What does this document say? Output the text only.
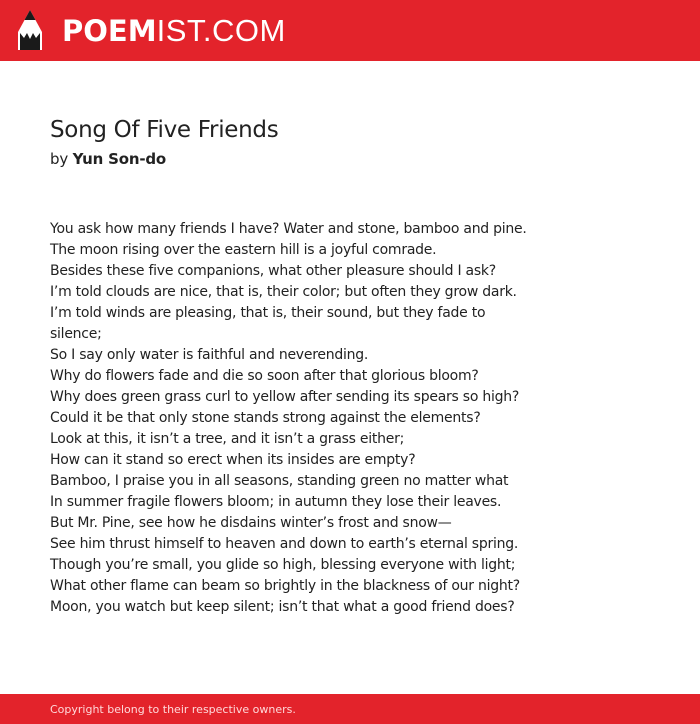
POEMIST.COM
Song Of Five Friends
by Yun Son-do
You ask how many friends I have? Water and stone, bamboo and pine.
The moon rising over the eastern hill is a joyful comrade.
Besides these five companions, what other pleasure should I ask?
I’m told clouds are nice, that is, their color; but often they grow dark.
I’m told winds are pleasing, that is, their sound, but they fade to
silence;
So I say only water is faithful and neverending.
Why do flowers fade and die so soon after that glorious bloom?
Why does green grass curl to yellow after sending its spears so high?
Could it be that only stone stands strong against the elements?
Look at this, it isn’t a tree, and it isn’t a grass either;
How can it stand so erect when its insides are empty?
Bamboo, I praise you in all seasons, standing green no matter what
In summer fragile flowers bloom; in autumn they lose their leaves.
But Mr. Pine, see how he disdains winter’s frost and snow—
See him thrust himself to heaven and down to earth’s eternal spring.
Though you’re small, you glide so high, blessing everyone with light;
What other flame can beam so brightly in the blackness of our night?
Moon, you watch but keep silent; isn’t that what a good friend does?
Copyright belong to their respective owners.
